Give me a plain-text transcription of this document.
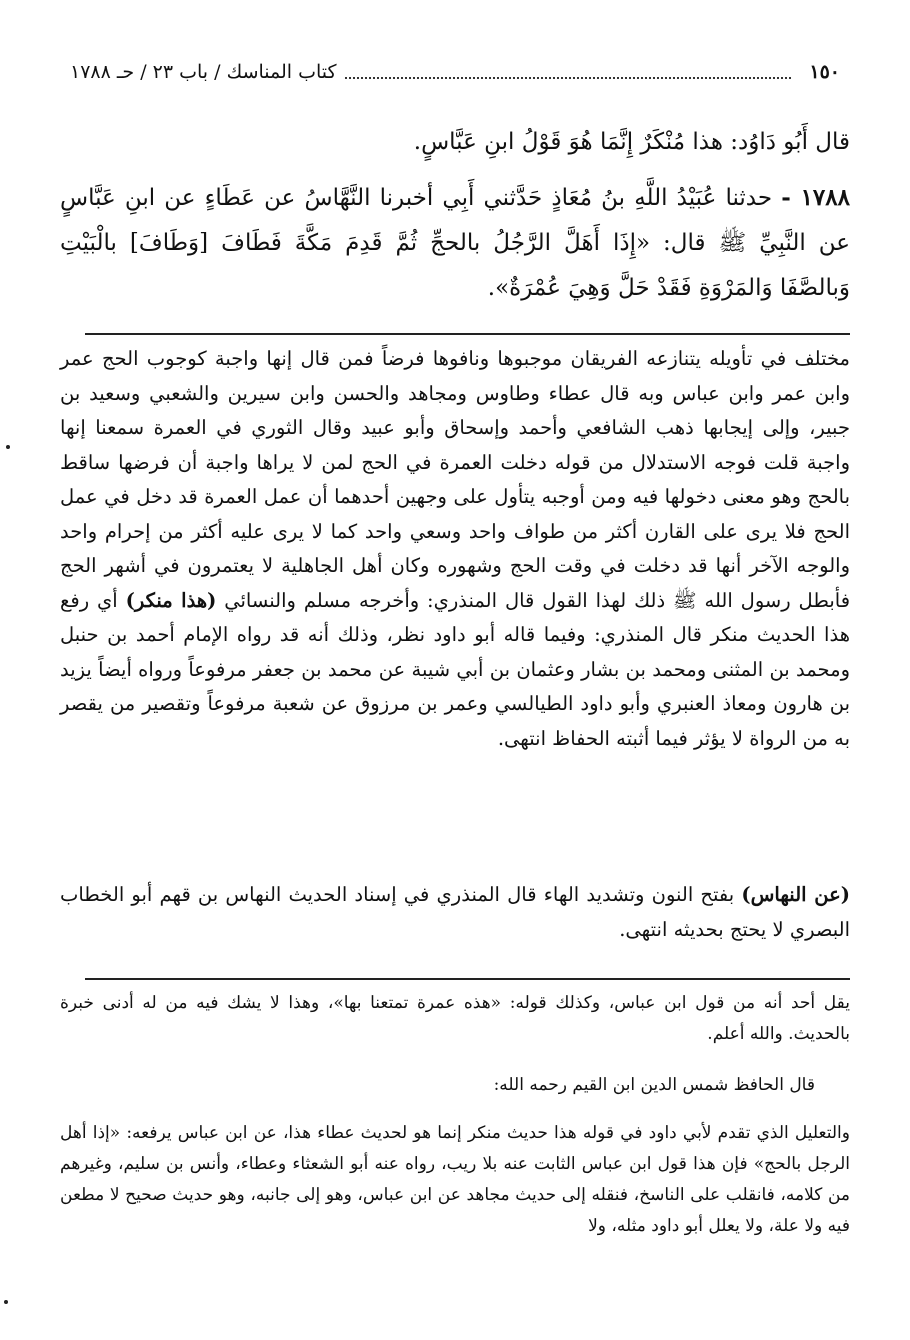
١٥٠
كتاب المناسك / باب ٢٣ / حـ ١٧٨٨
قال أَبُو دَاوُد: هذا مُنْكَرٌ إِنَّمَا هُوَ قَوْلُ ابنِ عَبَّاسٍ.
١٧٨٨ - حدثنا عُبَيْدُ اللَّهِ بنُ مُعَاذٍ حَدَّثني أَبِي أخبرنا النَّهَّاسُ عن عَطَاءٍ عن ابنِ عَبَّاسٍ عن النَّبِيِّ ﷺ قال: «إِذَا أَهَلَّ الرَّجُلُ بالحجِّ ثُمَّ قَدِمَ مَكَّةَ فَطَافَ [وَطَافَ] بالْبَيْتِ وَبالصَّفَا وَالمَرْوَةِ فَقَدْ حَلَّ وَهِيَ عُمْرَةٌ».
مختلف في تأويله يتنازعه الفريقان موجبوها ونافوها فرضاً فمن قال إنها واجبة كوجوب الحج عمر وابن عمر وابن عباس وبه قال عطاء وطاوس ومجاهد والحسن وابن سيرين والشعبي وسعيد بن جبير، وإلى إيجابها ذهب الشافعي وأحمد وإسحاق وأبو عبيد وقال الثوري في العمرة سمعنا إنها واجبة قلت فوجه الاستدلال من قوله دخلت العمرة في الحج لمن لا يراها واجبة أن فرضها ساقط بالحج وهو معنى دخولها فيه ومن أوجبه يتأول على وجهين أحدهما أن عمل العمرة قد دخل في عمل الحج فلا يرى على القارن أكثر من طواف واحد وسعي واحد كما لا يرى عليه أكثر من إحرام واحد والوجه الآخر أنها قد دخلت في وقت الحج وشهوره وكان أهل الجاهلية لا يعتمرون في أشهر الحج فأبطل رسول الله ﷺ ذلك لهذا القول قال المنذري: وأخرجه مسلم والنسائي (هذا منكر) أي رفع هذا الحديث منكر قال المنذري: وفيما قاله أبو داود نظر، وذلك أنه قد رواه الإمام أحمد بن حنبل ومحمد بن المثنى ومحمد بن بشار وعثمان بن أبي شيبة عن محمد بن جعفر مرفوعاً ورواه أيضاً يزيد بن هارون ومعاذ العنبري وأبو داود الطيالسي وعمر بن مرزوق عن شعبة مرفوعاً وتقصير من يقصر به من الرواة لا يؤثر فيما أثبته الحفاظ انتهى.
(عن النهاس) بفتح النون وتشديد الهاء قال المنذري في إسناد الحديث النهاس بن قهم أبو الخطاب البصري لا يحتج بحديثه انتهى.
يقل أحد أنه من قول ابن عباس، وكذلك قوله: «هذه عمرة تمتعنا بها»، وهذا لا يشك فيه من له أدنى خبرة بالحديث. والله أعلم.
قال الحافظ شمس الدين ابن القيم رحمه الله:
والتعليل الذي تقدم لأبي داود في قوله هذا حديث منكر إنما هو لحديث عطاء هذا، عن ابن عباس يرفعه: «إذا أهل الرجل بالحج» فإن هذا قول ابن عباس الثابت عنه بلا ريب، رواه عنه أبو الشعثاء وعطاء، وأنس بن سليم، وغيرهم من كلامه، فانقلب على الناسخ، فنقله إلى حديث مجاهد عن ابن عباس، وهو إلى جانبه، وهو حديث صحيح لا مطعن فيه ولا علة، ولا يعلل أبو داود مثله، ولا
